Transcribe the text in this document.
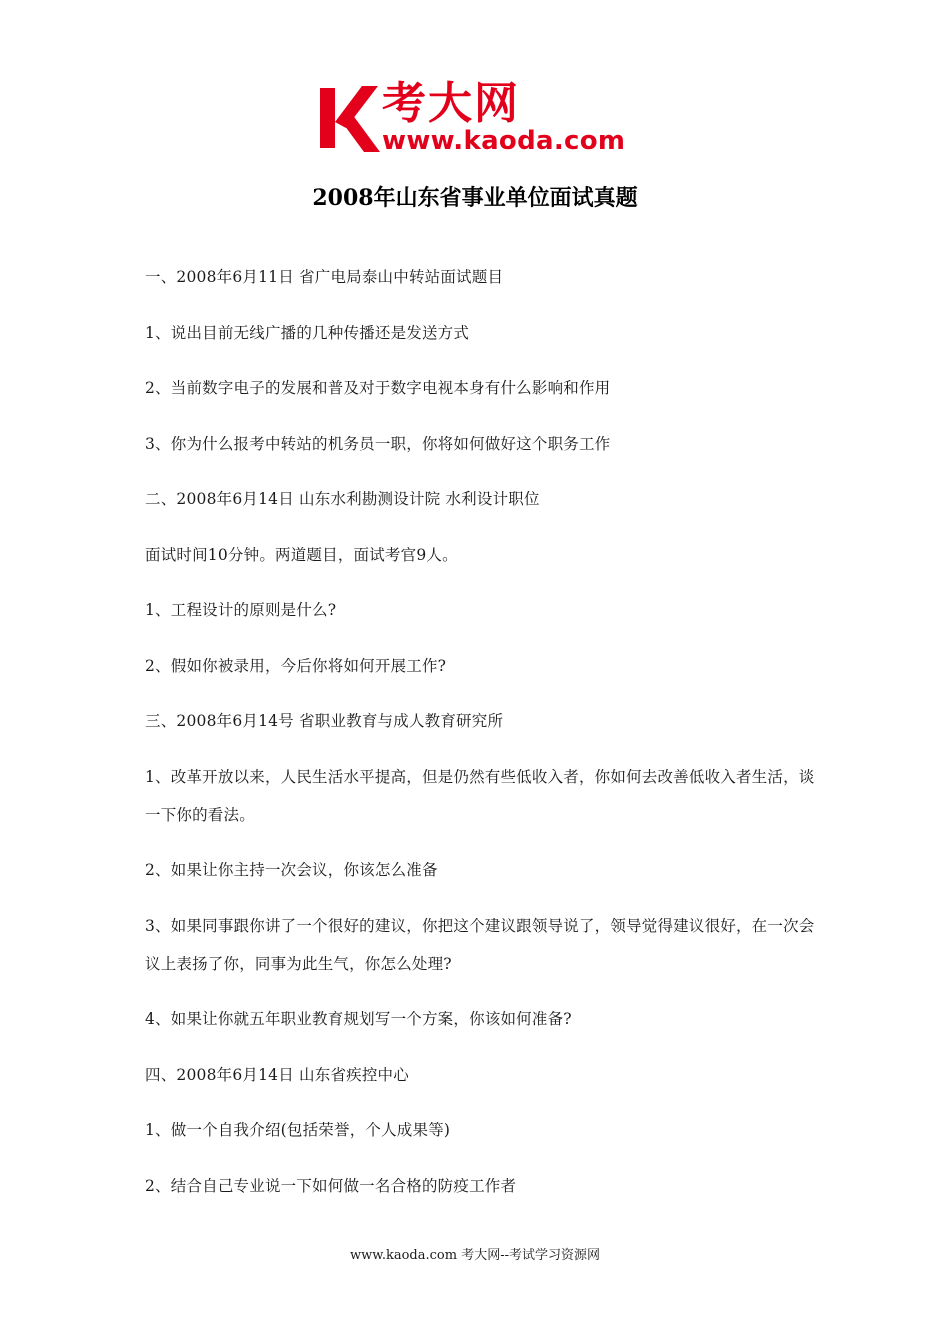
考大网
www.kaoda.com
2008年山东省事业单位面试真题

一、2008年6月11日 省广电局泰山中转站面试题目

1、说出目前无线广播的几种传播还是发送方式

2、当前数字电子的发展和普及对于数字电视本身有什么影响和作用

3、你为什么报考中转站的机务员一职，你将如何做好这个职务工作

二、2008年6月14日 山东水利勘测设计院 水利设计职位

面试时间10分钟。两道题目，面试考官9人。

1、工程设计的原则是什么?

2、假如你被录用，今后你将如何开展工作?

三、2008年6月14号 省职业教育与成人教育研究所

1、改革开放以来，人民生活水平提高，但是仍然有些低收入者，你如何去改善低收入者生活，谈一下你的看法。

2、如果让你主持一次会议，你该怎么准备

3、如果同事跟你讲了一个很好的建议，你把这个建议跟领导说了，领导觉得建议很好，在一次会议上表扬了你，同事为此生气，你怎么处理?

4、如果让你就五年职业教育规划写一个方案，你该如何准备?

四、2008年6月14日 山东省疾控中心

1、做一个自我介绍(包括荣誉，个人成果等)

2、结合自己专业说一下如何做一名合格的防疫工作者

www.kaoda.com 考大网--考试学习资源网
